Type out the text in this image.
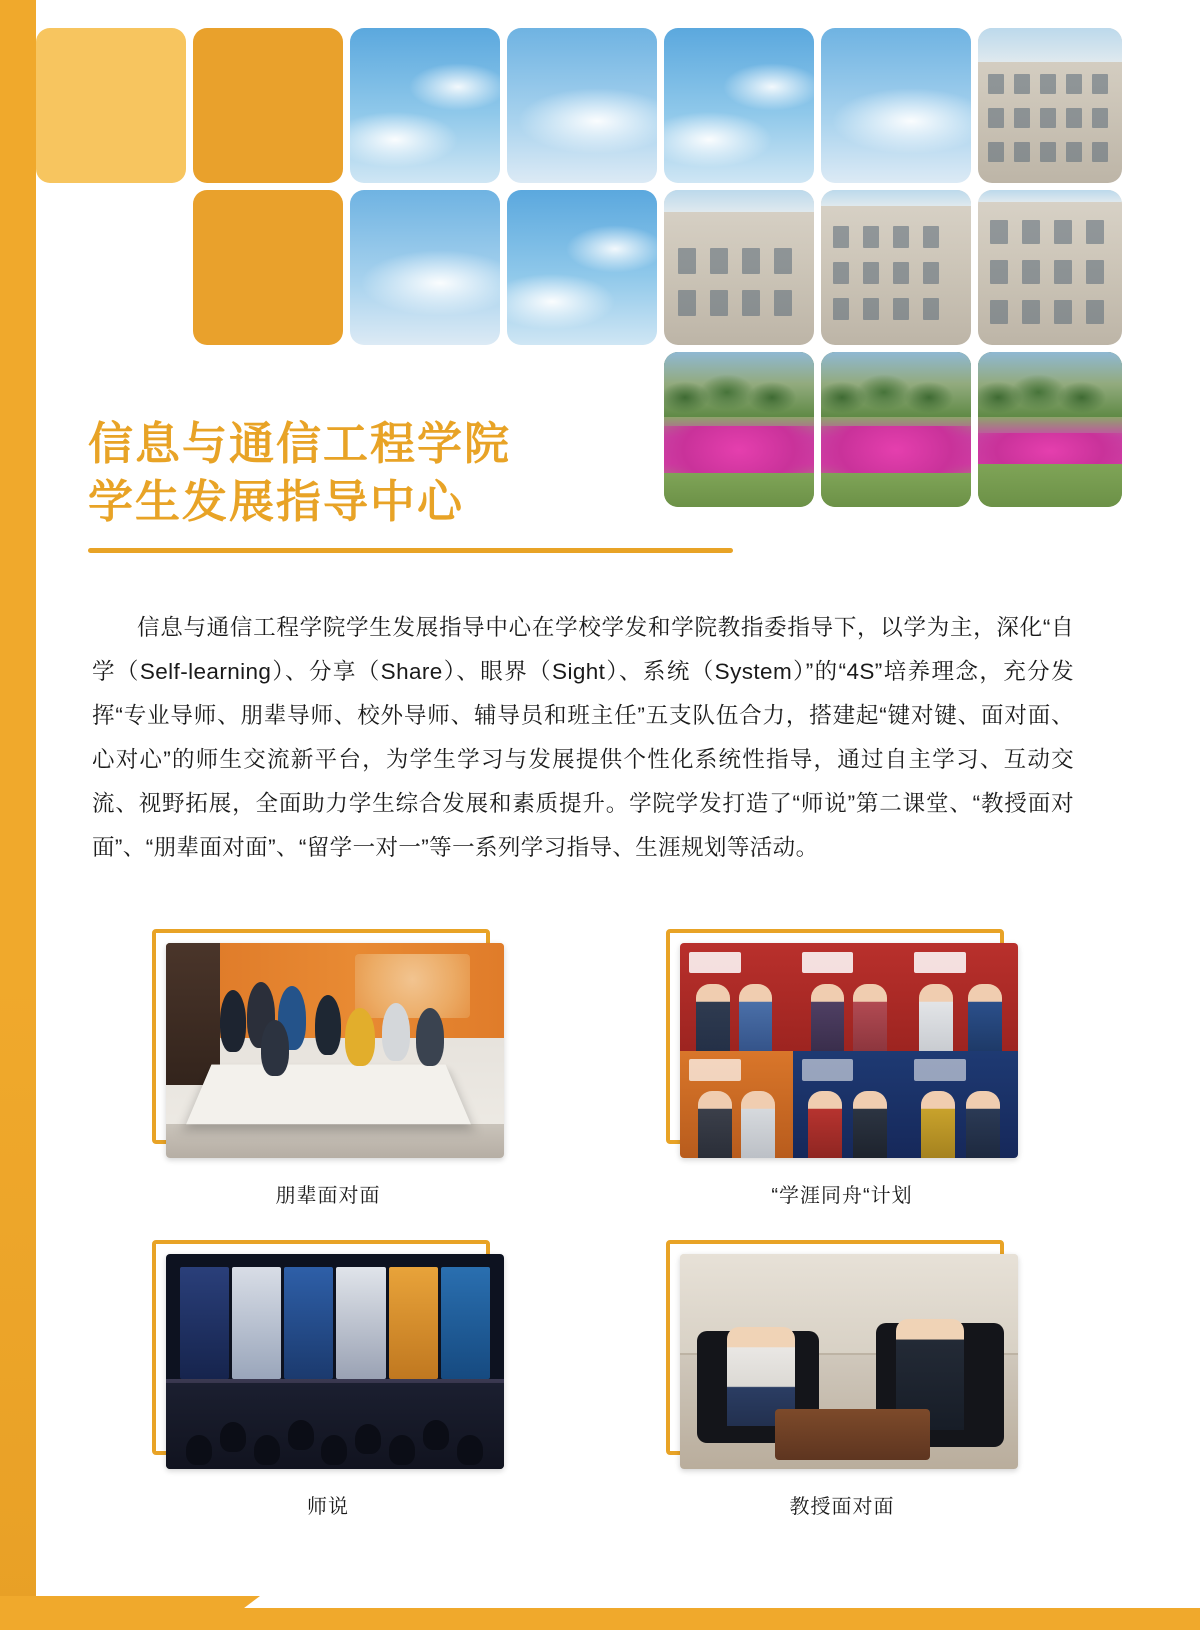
信息与通信工程学院
学生发展指导中心
信息与通信工程学院学生发展指导中心在学校学发和学院教指委指导下，以学为主，深化“自学（Self-learning）、分享（Share）、眼界（Sight）、系统（System）”的“4S”培养理念，充分发挥“专业导师、朋辈导师、校外导师、辅导员和班主任”五支队伍合力，搭建起“键对键、面对面、心对心”的师生交流新平台，为学生学习与发展提供个性化系统性指导，通过自主学习、互动交流、视野拓展，全面助力学生综合发展和素质提升。学院学发打造了“师说”第二课堂、“教授面对面”、“朋辈面对面”、“留学一对一”等一系列学习指导、生涯规划等活动。
朋辈面对面	“学涯同舟“计划
师说	教授面对面
